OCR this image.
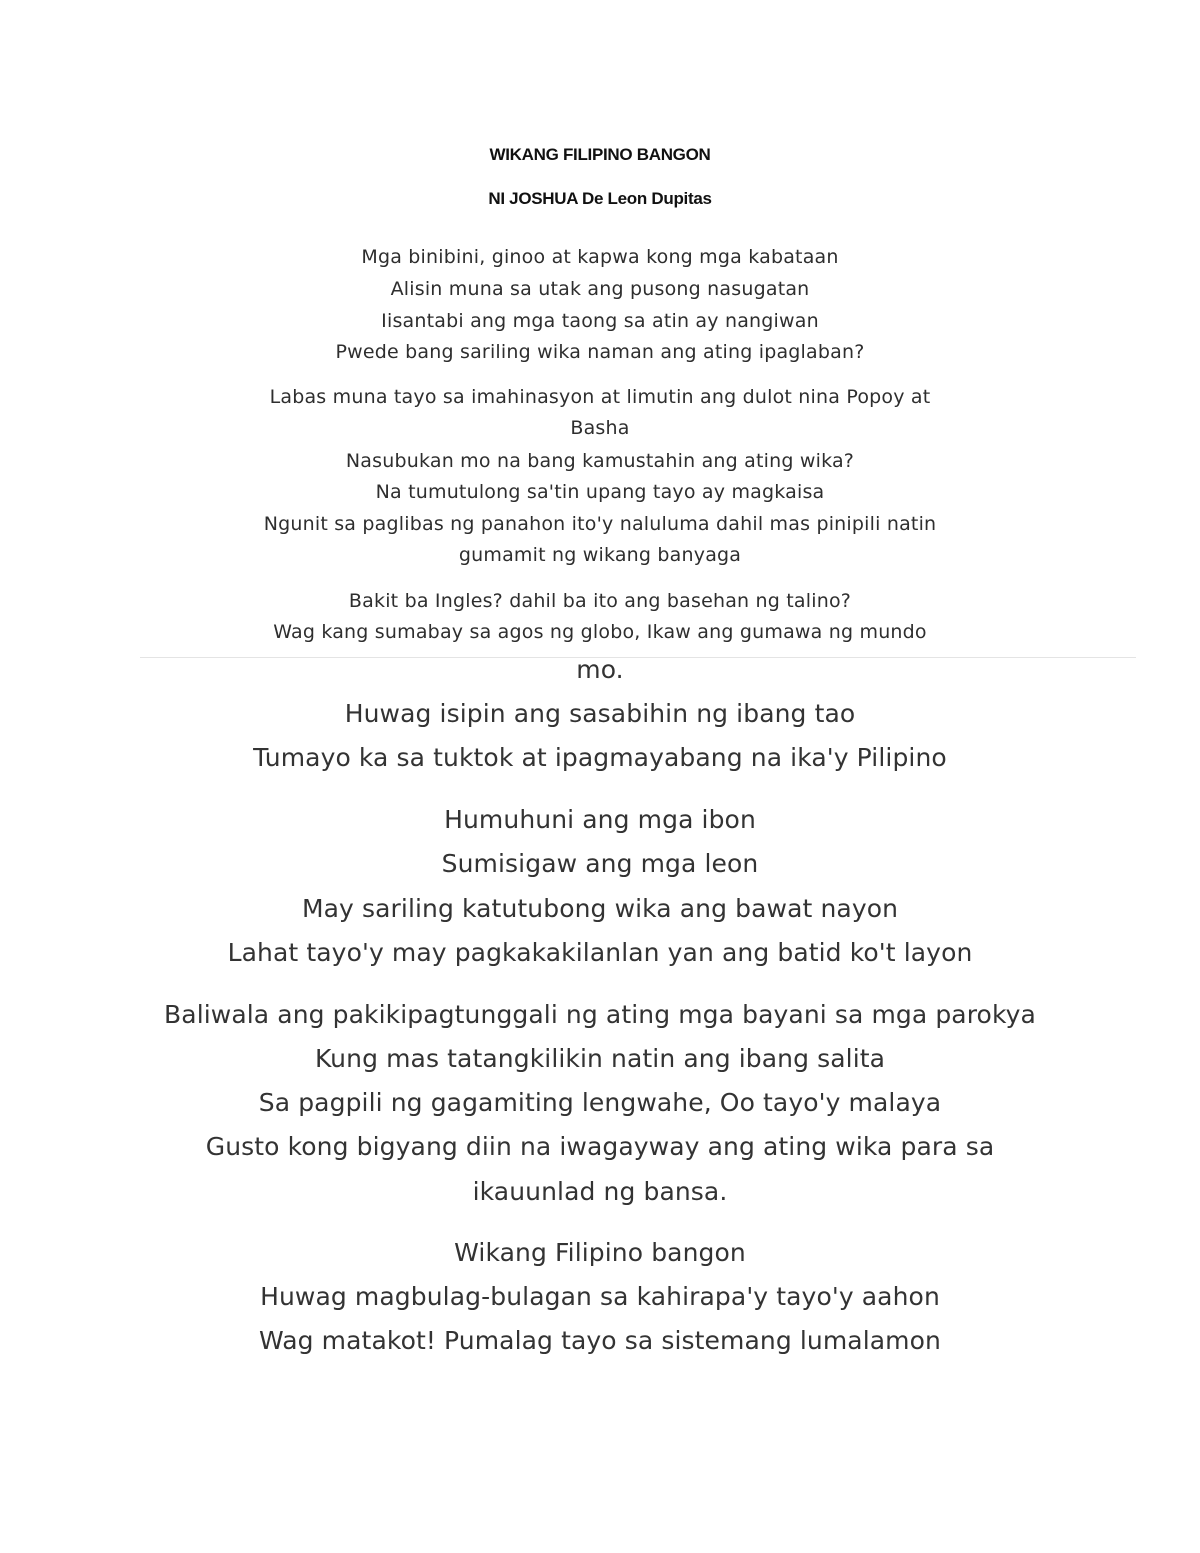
WIKANG FILIPINO BANGON
NI JOSHUA De Leon Dupitas
Mga binibini, ginoo at kapwa kong mga kabataan
Alisin muna sa utak ang pusong nasugatan
Iisantabi ang mga taong sa atin ay nangiwan
Pwede bang sariling wika naman ang ating ipaglaban?
Labas muna tayo sa imahinasyon at limutin ang dulot nina Popoy at
Basha
Nasubukan mo na bang kamustahin ang ating wika?
Na tumutulong sa'tin upang tayo ay magkaisa
Ngunit sa paglibas ng panahon ito'y naluluma dahil mas pinipili natin
gumamit ng wikang banyaga
Bakit ba Ingles? dahil ba ito ang basehan ng talino?
Wag kang sumabay sa agos ng globo, Ikaw ang gumawa ng mundo
mo.
Huwag isipin ang sasabihin ng ibang tao
Tumayo ka sa tuktok at ipagmayabang na ika'y Pilipino
Humuhuni ang mga ibon
Sumisigaw ang mga leon
May sariling katutubong wika ang bawat nayon
Lahat tayo'y may pagkakakilanlan yan ang batid ko't layon
Baliwala ang pakikipagtunggali ng ating mga bayani sa mga parokya
Kung mas tatangkilikin natin ang ibang salita
Sa pagpili ng gagamiting lengwahe, Oo tayo'y malaya
Gusto kong bigyang diin na iwagayway ang ating wika para sa
ikauunlad ng bansa.
Wikang Filipino bangon
Huwag magbulag-bulagan sa kahirapa'y tayo'y aahon
Wag matakot! Pumalag tayo sa sistemang lumalamon
